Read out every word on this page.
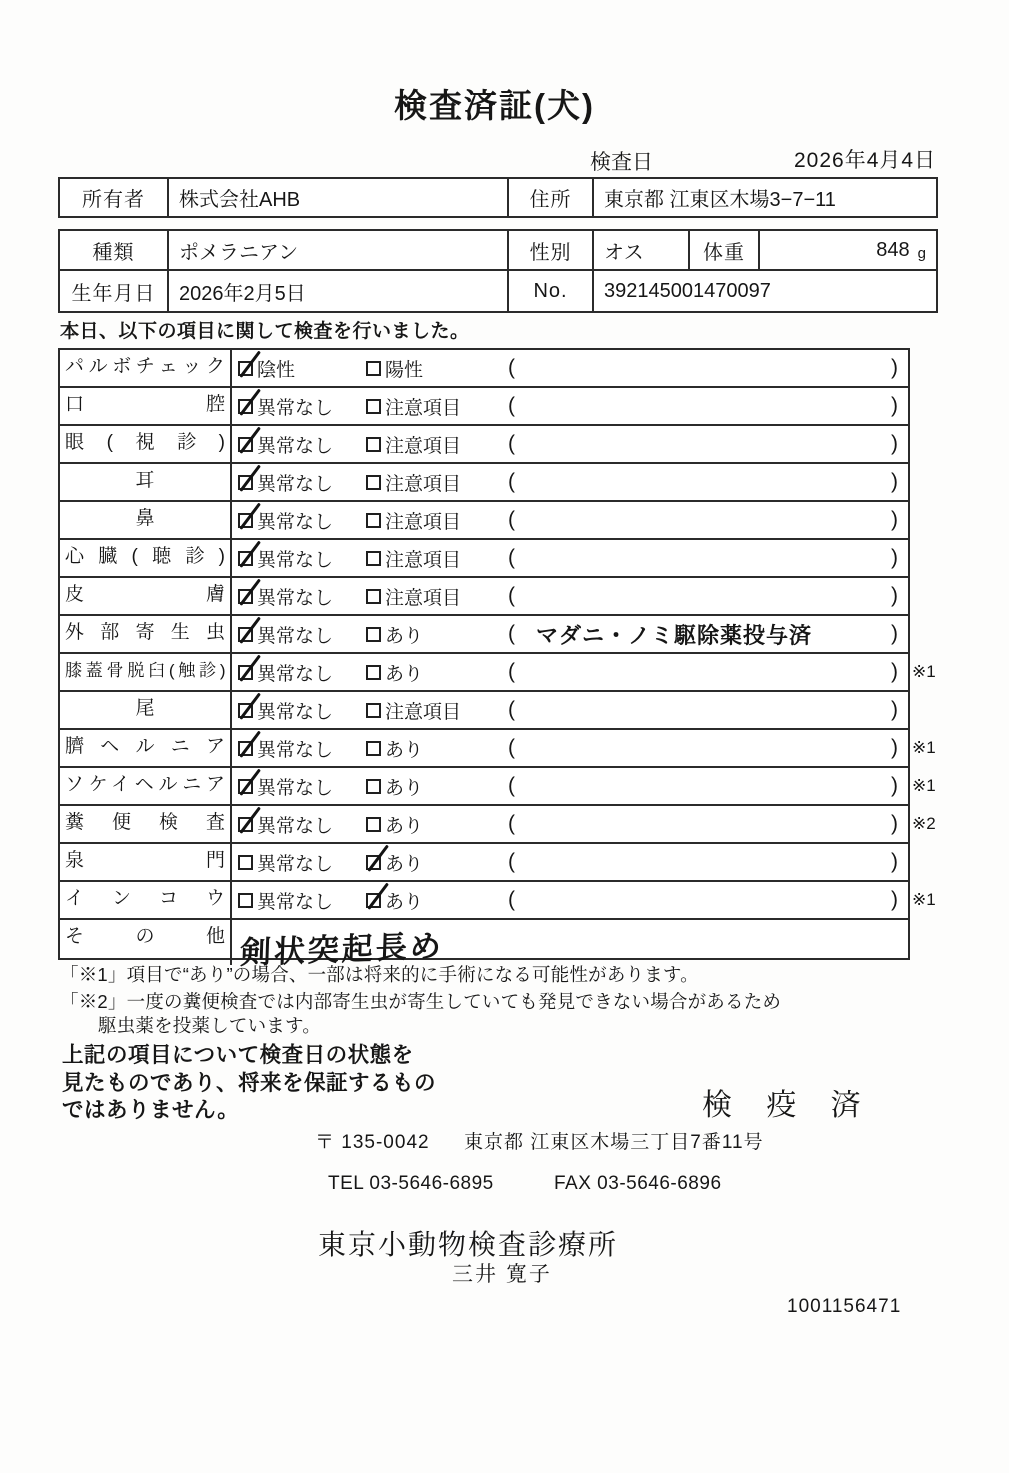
検査済証(犬)
検査日	2026年4月4日
所有者	株式会社AHB	住所	東京都 江東区木場3−7−11
種類	ポメラニアン	性別	オス	体重	848 g
生年月日	2026年2月5日	No.	392145001470097
本日、以下の項目に関して検査を行いました。
パルボチェック 陰性	陽性	(	)
口腔 異常なし	注意項目 (	)
眼(視診) 異常なし	注意項目 (	)
耳	異常なし	注意項目 (	)
鼻	異常なし	注意項目 (	)
心臓(聴診) 異常なし	注意項目 (	)
皮膚 異常なし	注意項目 (	)
外部寄生虫 異常なし	あり	( マダニ・ノミ駆除薬投与済	)
膝蓋骨脱臼(触診) 異常なし	あり	(	) ※1
尾	異常なし	注意項目 (	)
臍ヘルニア 異常なし	あり	(	) ※1
ソケイヘルニア 異常なし	あり	(	) ※1
糞便検査 異常なし	あり	(	) ※2
泉門 異常なし	あり	(	)
インコウ 異常なし	あり	(	) ※1
その他 剣状突起長め
「※1」項目で“あり”の場合、一部は将来的に手術になる可能性があります。
「※2」一度の糞便検査では内部寄生虫が寄生していても発見できない場合があるため
駆虫薬を投薬しています。
上記の項目について検査日の状態を
見たものであり、将来を保証するもの
ではありません。	検 疫 済
〒 135-0042 東京都 江東区木場三丁目7番11号
TEL 03-5646-6895	FAX 03-5646-6896
東京小動物検査診療所
三井 寛子
1001156471
